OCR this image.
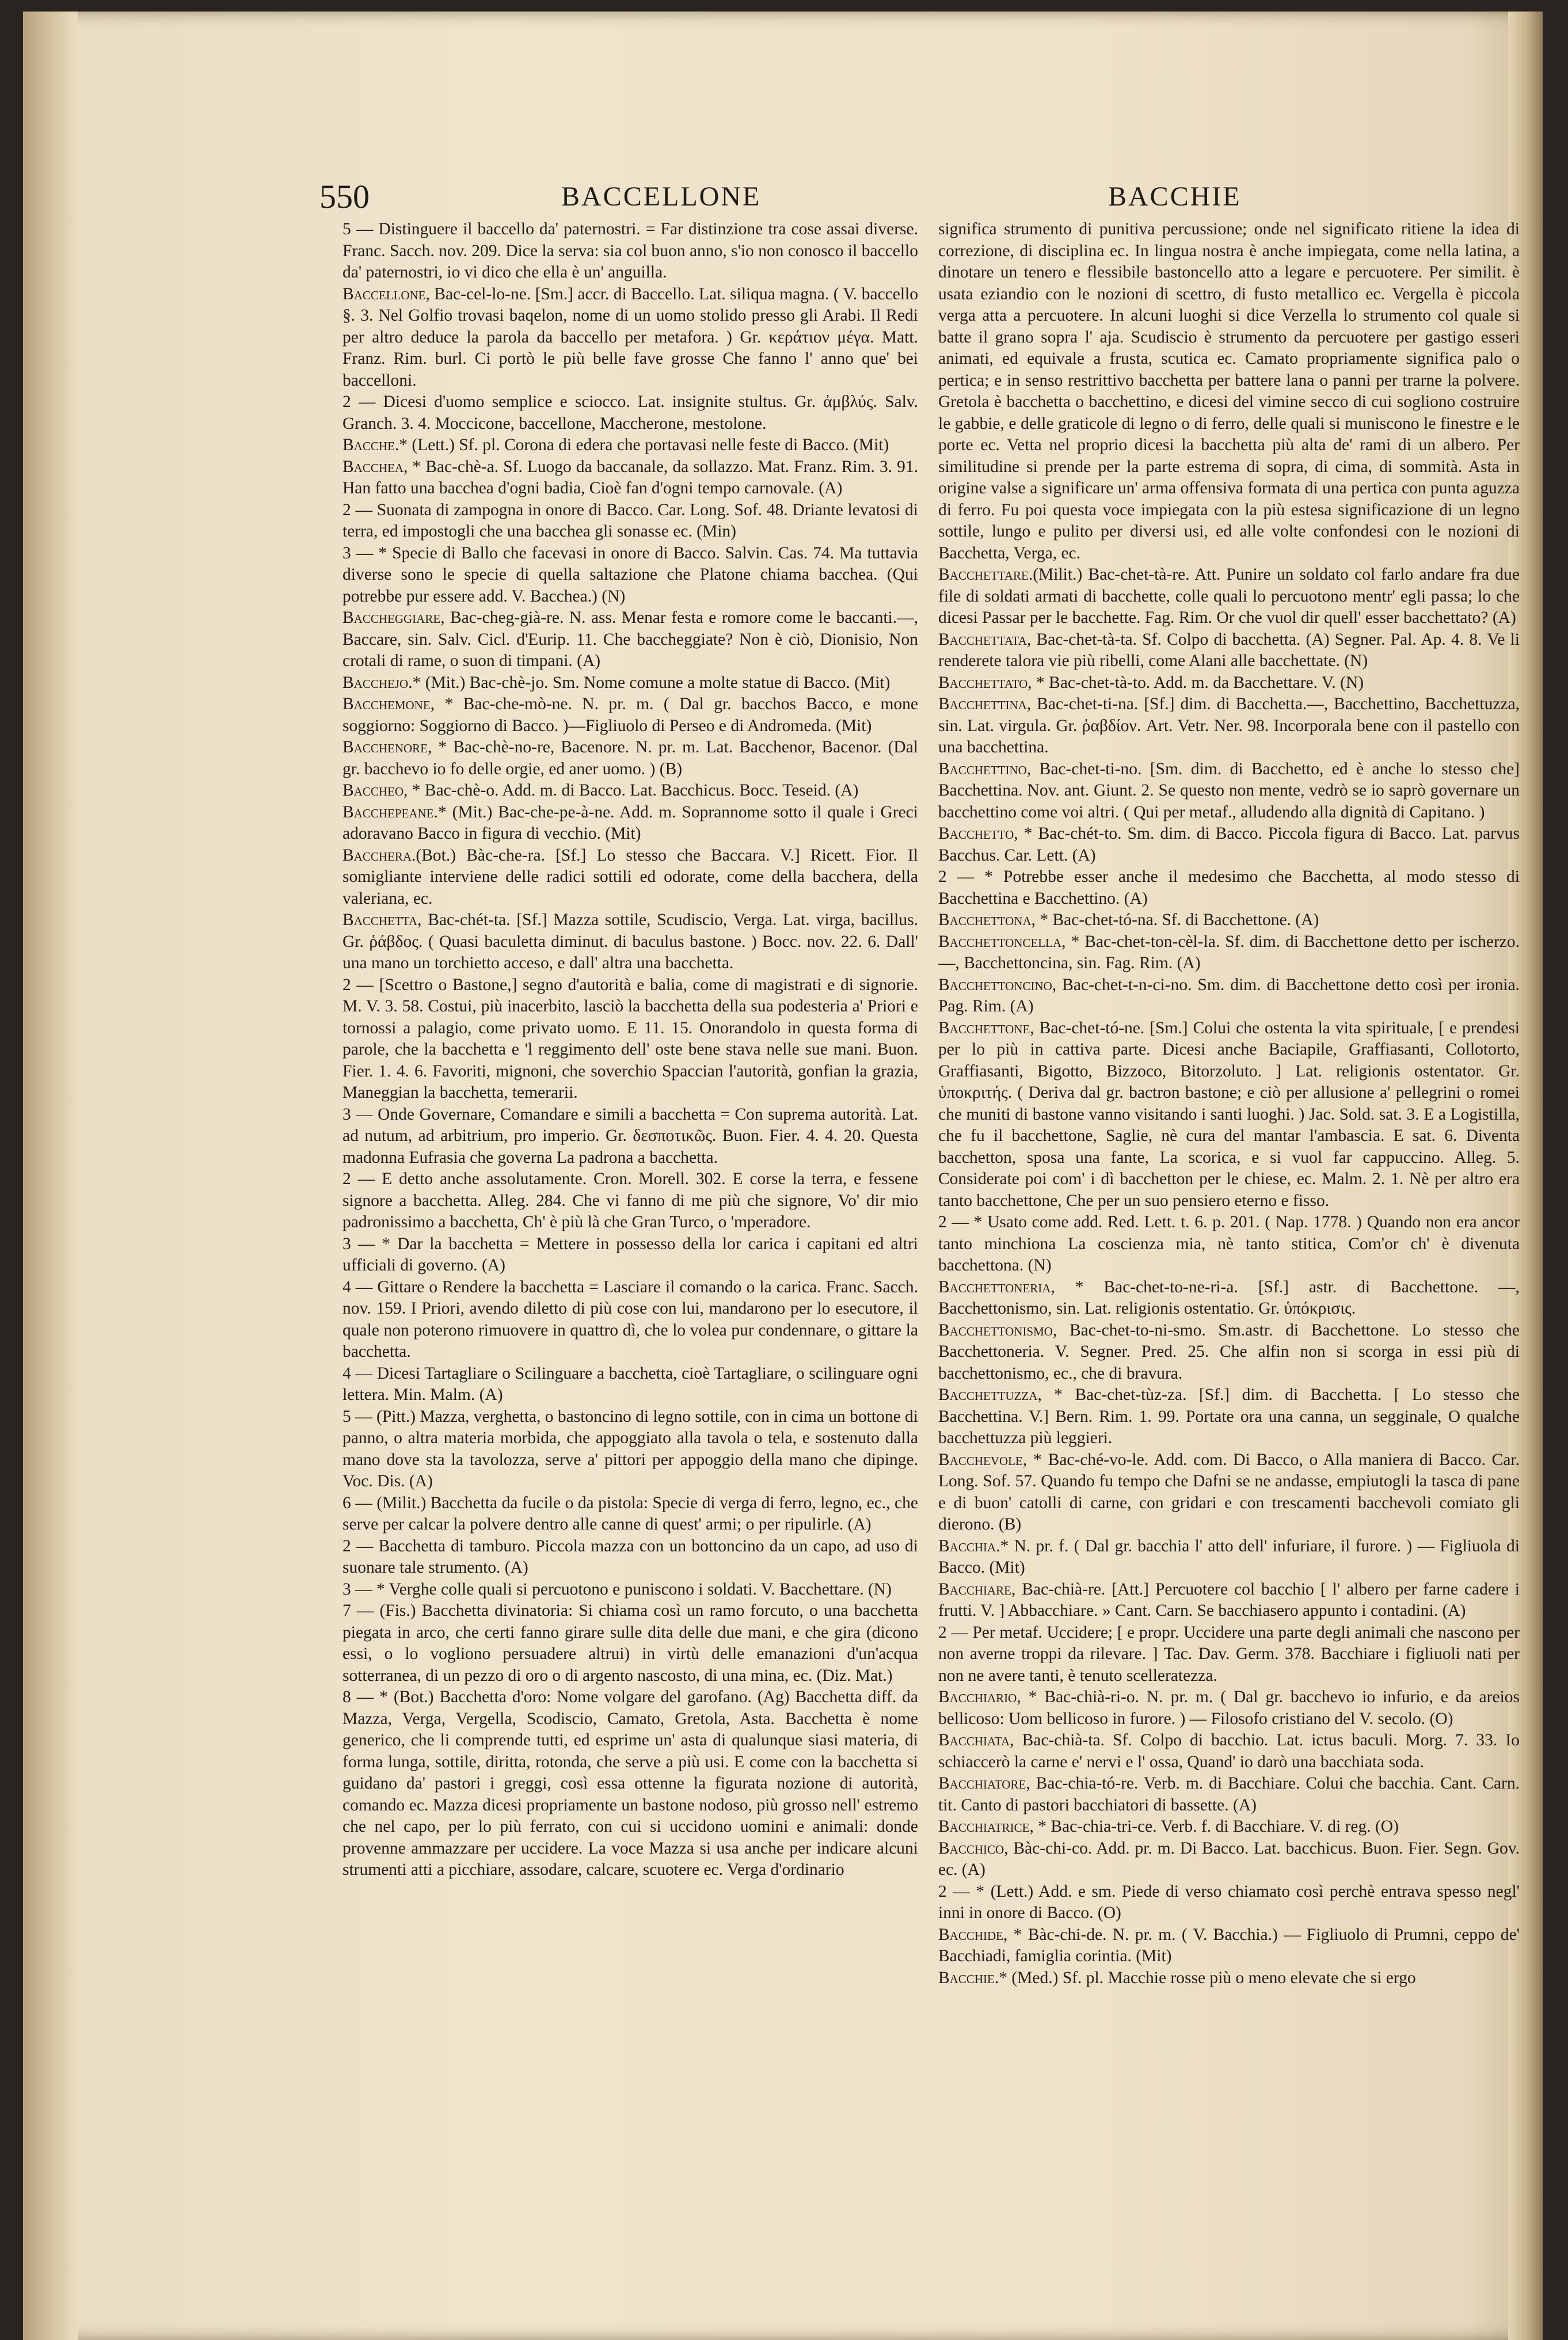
550	BACCELLONE	BACCHIE

5 — Distinguere il baccello da' paternostri. = Far distinzione tra cose assai diverse. Franc. Sacch. nov. 209. Dice la serva: sia col buon anno, s'io non conosco il baccello da' paternostri, io vi dico che ella è un' anguilla.

Baccellone, Bac-cel-lo-ne. [Sm.] accr. di Baccello. Lat. siliqua magna. ( V. baccello §. 3. Nel Golfio trovasi baqelon, nome di un uomo stolido presso gli Arabi. Il Redi per altro deduce la parola da baccello per metafora. ) Gr. κεράτιον μέγα. Matt. Franz. Rim. burl. Ci portò le più belle fave grosse Che fanno l' anno que' bei baccelloni.

2 — Dicesi d'uomo semplice e sciocco. Lat. insignite stultus. Gr. ἀμβλύς. Salv. Granch. 3. 4. Moccicone, baccellone, Maccherone, mestolone.

Bacche.* (Lett.) Sf. pl. Corona di edera che portavasi nelle feste di Bacco. (Mit)

Bacchea, * Bac-chè-a. Sf. Luogo da baccanale, da sollazzo. Mat. Franz. Rim. 3. 91. Han fatto una bacchea d'ogni badia, Cioè fan d'ogni tempo carnovale. (A)

2 — Suonata di zampogna in onore di Bacco. Car. Long. Sof. 48. Driante levatosi di terra, ed impostogli che una bacchea gli sonasse ec. (Min)

3 — * Specie di Ballo che facevasi in onore di Bacco. Salvin. Cas. 74. Ma tuttavia diverse sono le specie di quella saltazione che Platone chiama bacchea. (Qui potrebbe pur essere add. V. Bacchea.) (N)

Baccheggiare, Bac-cheg-già-re. N. ass. Menar festa e romore come le baccanti.—, Baccare, sin. Salv. Cicl. d'Eurip. 11. Che baccheggiate? Non è ciò, Dionisio, Non crotali di rame, o suon di timpani. (A)

Bacchejo.* (Mit.) Bac-chè-jo. Sm. Nome comune a molte statue di Bacco. (Mit)

Bacchemone, * Bac-che-mò-ne. N. pr. m. ( Dal gr. bacchos Bacco, e mone soggiorno: Soggiorno di Bacco. )—Figliuolo di Perseo e di Andromeda. (Mit)

Bacchenore, * Bac-chè-no-re, Bacenore. N. pr. m. Lat. Bacchenor, Bacenor. (Dal gr. bacchevo io fo delle orgie, ed aner uomo. ) (B)

Baccheo, * Bac-chè-o. Add. m. di Bacco. Lat. Bacchicus. Bocc. Teseid. (A)

Bacchepeane.* (Mit.) Bac-che-pe-à-ne. Add. m. Soprannome sotto il quale i Greci adoravano Bacco in figura di vecchio. (Mit)

Bacchera.(Bot.) Bàc-che-ra. [Sf.] Lo stesso che Baccara. V.] Ricett. Fior. Il somigliante interviene delle radici sottili ed odorate, come della bacchera, della valeriana, ec.

Bacchetta, Bac-chét-ta. [Sf.] Mazza sottile, Scudiscio, Verga. Lat. virga, bacillus. Gr. ῥάβδος. ( Quasi baculetta diminut. di baculus bastone. ) Bocc. nov. 22. 6. Dall' una mano un torchietto acceso, e dall' altra una bacchetta.

2 — [Scettro o Bastone,] segno d'autorità e balia, come di magistrati e di signorie. M. V. 3. 58. Costui, più inacerbito, lasciò la bacchetta della sua podesteria a' Priori e tornossi a palagio, come privato uomo. E 11. 15. Onorandolo in questa forma di parole, che la bacchetta e 'l reggimento dell' oste bene stava nelle sue mani. Buon. Fier. 1. 4. 6. Favoriti, mignoni, che soverchio Spaccian l'autorità, gonfian la grazia, Maneggian la bacchetta, temerarii.

3 — Onde Governare, Comandare e simili a bacchetta = Con suprema autorità. Lat. ad nutum, ad arbitrium, pro imperio. Gr. δεσποτικῶς. Buon. Fier. 4. 4. 20. Questa madonna Eufrasia che governa La padrona a bacchetta.

2 — E detto anche assolutamente. Cron. Morell. 302. E corse la terra, e fessene signore a bacchetta. Alleg. 284. Che vi fanno di me più che signore, Vo' dir mio padronissimo a bacchetta, Ch' è più là che Gran Turco, o 'mperadore.

3 — * Dar la bacchetta = Mettere in possesso della lor carica i capitani ed altri ufficiali di governo. (A)

4 — Gittare o Rendere la bacchetta = Lasciare il comando o la carica. Franc. Sacch. nov. 159. I Priori, avendo diletto di più cose con lui, mandarono per lo esecutore, il quale non poterono rimuovere in quattro dì, che lo volea pur condennare, o gittare la bacchetta.

4 — Dicesi Tartagliare o Scilinguare a bacchetta, cioè Tartagliare, o scilinguare ogni lettera. Min. Malm. (A)

5 — (Pitt.) Mazza, verghetta, o bastoncino di legno sottile, con in cima un bottone di panno, o altra materia morbida, che appoggiato alla tavola o tela, e sostenuto dalla mano dove sta la tavolozza, serve a' pittori per appoggio della mano che dipinge. Voc. Dis. (A)

6 — (Milit.) Bacchetta da fucile o da pistola: Specie di verga di ferro, legno, ec., che serve per calcar la polvere dentro alle canne di quest' armi; o per ripulirle. (A)

2 — Bacchetta di tamburo. Piccola mazza con un bottoncino da un capo, ad uso di suonare tale strumento. (A)

3 — * Verghe colle quali si percuotono e puniscono i soldati. V. Bacchettare. (N)

7 — (Fis.) Bacchetta divinatoria: Si chiama così un ramo forcuto, o una bacchetta piegata in arco, che certi fanno girare sulle dita delle due mani, e che gira (dicono essi, o lo vogliono persuadere altrui) in virtù delle emanazioni d'un'acqua sotterranea, di un pezzo di oro o di argento nascosto, di una mina, ec. (Diz. Mat.)

8 — * (Bot.) Bacchetta d'oro: Nome volgare del garofano. (Ag) Bacchetta diff. da Mazza, Verga, Vergella, Scodiscio, Camato, Gretola, Asta. Bacchetta è nome generico, che li comprende tutti, ed esprime un' asta di qualunque siasi materia, di forma lunga, sottile, diritta, rotonda, che serve a più usi. E come con la bacchetta si guidano da' pastori i greggi, così essa ottenne la figurata nozione di autorità, comando ec. Mazza dicesi propriamente un bastone nodoso, più grosso nell' estremo che nel capo, per lo più ferrato, con cui si uccidono uomini e animali: donde provenne ammazzare per uccidere. La voce Mazza si usa anche per indicare alcuni strumenti atti a picchiare, assodare, calcare, scuotere ec. Verga d'ordinario

significa strumento di punitiva percussione; onde nel significato ritiene la idea di correzione, di disciplina ec. In lingua nostra è anche impiegata, come nella latina, a dinotare un tenero e flessibile bastoncello atto a legare e percuotere. Per similit. è usata eziandio con le nozioni di scettro, di fusto metallico ec. Vergella è piccola verga atta a percuotere. In alcuni luoghi si dice Verzella lo strumento col quale si batte il grano sopra l' aja. Scudiscio è strumento da percuotere per gastigo esseri animati, ed equivale a frusta, scutica ec. Camato propriamente significa palo o pertica; e in senso restrittivo bacchetta per battere lana o panni per trarne la polvere. Gretola è bacchetta o bacchettino, e dicesi del vimine secco di cui sogliono costruire le gabbie, e delle graticole di legno o di ferro, delle quali si muniscono le finestre e le porte ec. Vetta nel proprio dicesi la bacchetta più alta de' rami di un albero. Per similitudine si prende per la parte estrema di sopra, di cima, di sommità. Asta in origine valse a significare un' arma offensiva formata di una pertica con punta aguzza di ferro. Fu poi questa voce impiegata con la più estesa significazione di un legno sottile, lungo e pulito per diversi usi, ed alle volte confondesi con le nozioni di Bacchetta, Verga, ec.

Bacchettare.(Milit.) Bac-chet-tà-re. Att. Punire un soldato col farlo andare fra due file di soldati armati di bacchette, colle quali lo percuotono mentr' egli passa; lo che dicesi Passar per le bacchette. Fag. Rim. Or che vuol dir quell' esser bacchettato? (A)

Bacchettata, Bac-chet-tà-ta. Sf. Colpo di bacchetta. (A) Segner. Pal. Ap. 4. 8. Ve li renderete talora vie più ribelli, come Alani alle bacchettate. (N)

Bacchettato, * Bac-chet-tà-to. Add. m. da Bacchettare. V. (N)

Bacchettina, Bac-chet-ti-na. [Sf.] dim. di Bacchetta.—, Bacchettino, Bacchettuzza, sin. Lat. virgula. Gr. ῥαβδίον. Art. Vetr. Ner. 98. Incorporala bene con il pastello con una bacchettina.

Bacchettino, Bac-chet-ti-no. [Sm. dim. di Bacchetto, ed è anche lo stesso che] Bacchettina. Nov. ant. Giunt. 2. Se questo non mente, vedrò se io saprò governare un bacchettino come voi altri. ( Qui per metaf., alludendo alla dignità di Capitano. )

Bacchetto, * Bac-chét-to. Sm. dim. di Bacco. Piccola figura di Bacco. Lat. parvus Bacchus. Car. Lett. (A)

2 — * Potrebbe esser anche il medesimo che Bacchetta, al modo stesso di Bacchettina e Bacchettino. (A)

Bacchettona, * Bac-chet-tó-na. Sf. di Bacchettone. (A)

Bacchettoncella, * Bac-chet-ton-cèl-la. Sf. dim. di Bacchettone detto per ischerzo.—, Bacchettoncina, sin. Fag. Rim. (A)

Bacchettoncino, Bac-chet-t-n-ci-no. Sm. dim. di Bacchettone detto così per ironia. Pag. Rim. (A)

Bacchettone, Bac-chet-tó-ne. [Sm.] Colui che ostenta la vita spirituale, [ e prendesi per lo più in cattiva parte. Dicesi anche Baciapile, Graffiasanti, Collotorto, Graffiasanti, Bigotto, Bizzoco, Bitorzoluto. ] Lat. religionis ostentator. Gr. ὑποκριτής. ( Deriva dal gr. bactron bastone; e ciò per allusione a' pellegrini o romei che muniti di bastone vanno visitando i santi luoghi. ) Jac. Sold. sat. 3. E a Logistilla, che fu il bacchettone, Saglie, nè cura del mantar l'ambascia. E sat. 6. Diventa bacchetton, sposa una fante, La scorica, e si vuol far cappuccino. Alleg. 5. Considerate poi com' i dì bacchetton per le chiese, ec. Malm. 2. 1. Nè per altro era tanto bacchettone, Che per un suo pensiero eterno e fisso.

2 — * Usato come add. Red. Lett. t. 6. p. 201. ( Nap. 1778. ) Quando non era ancor tanto minchiona La coscienza mia, nè tanto stitica, Com'or ch' è divenuta bacchettona. (N)

Bacchettoneria, * Bac-chet-to-ne-ri-a. [Sf.] astr. di Bacchettone. —, Bacchettonismo, sin. Lat. religionis ostentatio. Gr. ὑπόκρισις.

Bacchettonismo, Bac-chet-to-ni-smo. Sm.astr. di Bacchettone. Lo stesso che Bacchettoneria. V. Segner. Pred. 25. Che alfin non si scorga in essi più di bacchettonismo, ec., che di bravura.

Bacchettuzza, * Bac-chet-tùz-za. [Sf.] dim. di Bacchetta. [ Lo stesso che Bacchettina. V.] Bern. Rim. 1. 99. Portate ora una canna, un segginale, O qualche bacchettuzza più leggieri.

Bacchevole, * Bac-ché-vo-le. Add. com. Di Bacco, o Alla maniera di Bacco. Car. Long. Sof. 57. Quando fu tempo che Dafni se ne andasse, empiutogli la tasca di pane e di buon' catolli di carne, con gridari e con trescamenti bacchevoli comiato gli dierono. (B)

Bacchia.* N. pr. f. ( Dal gr. bacchia l' atto dell' infuriare, il furore. ) — Figliuola di Bacco. (Mit)

Bacchiare, Bac-chià-re. [Att.] Percuotere col bacchio [ l' albero per farne cadere i frutti. V. ] Abbacchiare. » Cant. Carn. Se bacchiasero appunto i contadini. (A)

2 — Per metaf. Uccidere; [ e propr. Uccidere una parte degli animali che nascono per non averne troppi da rilevare. ] Tac. Dav. Germ. 378. Bacchiare i figliuoli nati per non ne avere tanti, è tenuto scelleratezza.

Bacchiario, * Bac-chià-ri-o. N. pr. m. ( Dal gr. bacchevo io infurio, e da areios bellicoso: Uom bellicoso in furore. ) — Filosofo cristiano del V. secolo. (O)

Bacchiata, Bac-chià-ta. Sf. Colpo di bacchio. Lat. ictus baculi. Morg. 7. 33. Io schiaccerò la carne e' nervi e l' ossa, Quand' io darò una bacchiata soda.

Bacchiatore, Bac-chia-tó-re. Verb. m. di Bacchiare. Colui che bacchia. Cant. Carn. tit. Canto di pastori bacchiatori di bassette. (A)

Bacchiatrice, * Bac-chia-tri-ce. Verb. f. di Bacchiare. V. di reg. (O)

Bacchico, Bàc-chi-co. Add. pr. m. Di Bacco. Lat. bacchicus. Buon. Fier. Segn. Gov. ec. (A)

2 — * (Lett.) Add. e sm. Piede di verso chiamato così perchè entrava spesso negl' inni in onore di Bacco. (O)

Bacchide, * Bàc-chi-de. N. pr. m. ( V. Bacchia.) — Figliuolo di Prumni, ceppo de' Bacchiadi, famiglia corintia. (Mit)

Bacchie.* (Med.) Sf. pl. Macchie rosse più o meno elevate che si ergo
